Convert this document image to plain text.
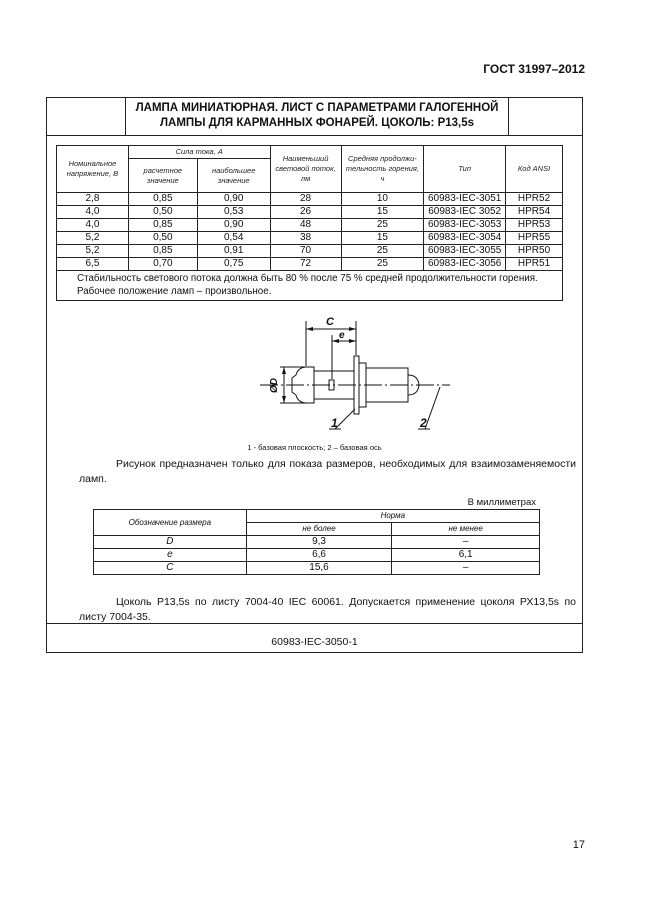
ГОСТ 31997–2012
ЛАМПА МИНИАТЮРНАЯ. ЛИСТ С ПАРАМЕТРАМИ ГАЛОГЕННОЙ
ЛАМПЫ ДЛЯ КАРМАННЫХ ФОНАРЕЙ. ЦОКОЛЬ: Р13,5s
Номинальное напряжение, В	Сила тока, А		Наименьший световой поток, лм	Средняя продолжи-тельность горения, ч	Тип	Код ANSI
	расчетное значение	наибольшее значение				
2,8	0,85	0,90	28	10	60983-IEC-3051	HPR52
4,0	0,50	0,53	26	15	60983-IEC 3052	HPR54
4,0	0,85	0,90	48	25	60983-IEC-3053	HPR53
5,2	0,50	0,54	38	15	60983-IEC-3054	HPR55
5,2	0,85	0,91	70	25	60983-IEC-3055	HPR50
6,5	0,70	0,75	72	25	60983-IEC-3056	HPR51

Стабильность светового потока должна быть 80 % после 75 % средней продолжительности горения.
Рабочее положение ламп – произвольное.						
C
e
ØD
1	2
1 - базовая плоскость; 2 – базовая ось
Рисунок предназначен только для показа размеров, необходимых для взаимозаменяемости ламп.
В миллиметрах
Обозначение размера	Норма	
	не более	не менее
D	9,3	–
e	6,6	6,1
C	15,6	–
Цоколь Р13,5s по листу 7004-40 IEC 60061. Допускается применение цоколя РХ13,5s по листу 7004-35.
60983-IEC-3050-1
17
